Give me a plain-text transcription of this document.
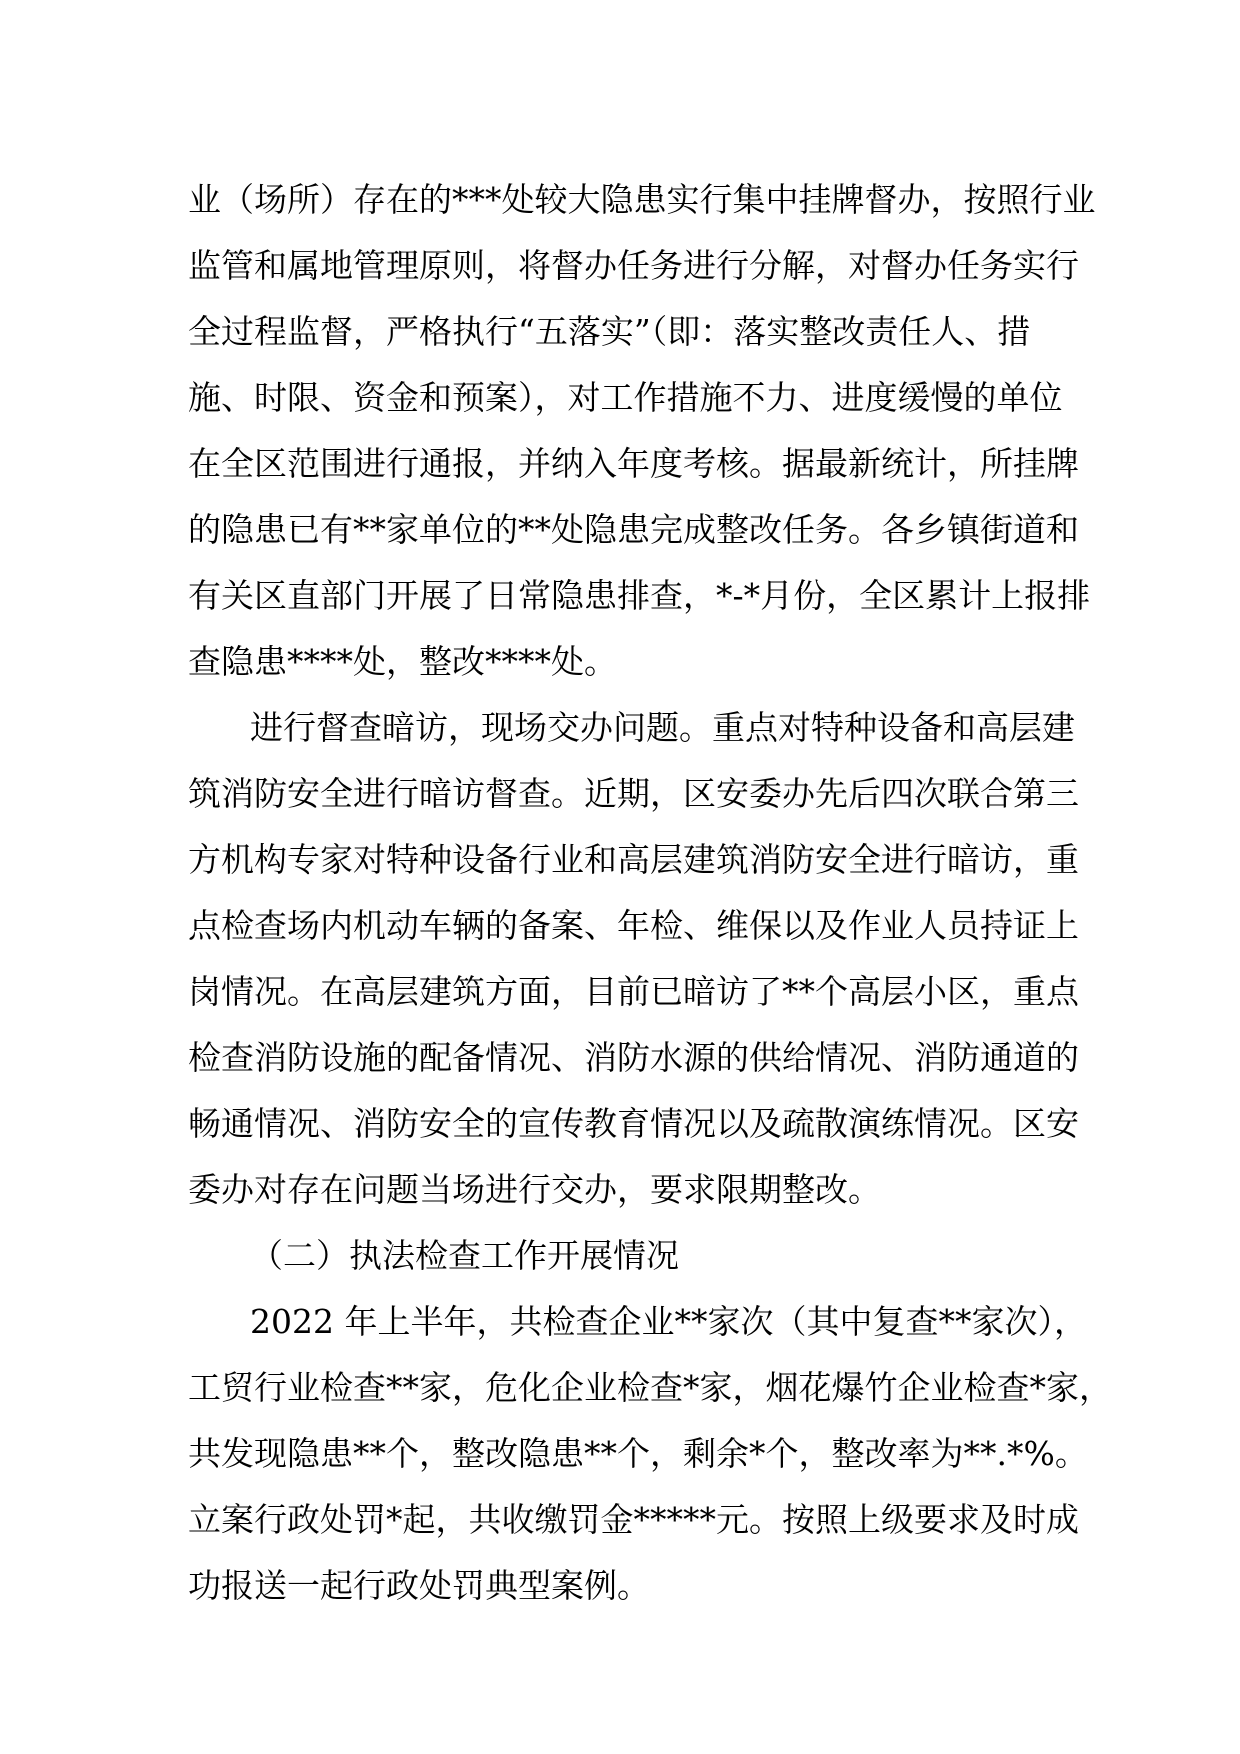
业（场所）存在的***处较大隐患实行集中挂牌督办，按照行业
监管和属地管理原则，将督办任务进行分解，对督办任务实行
全过程监督，严格执行“五落实”（即：落实整改责任人、措
施、时限、资金和预案），对工作措施不力、进度缓慢的单位
在全区范围进行通报，并纳入年度考核。据最新统计，所挂牌
的隐患已有**家单位的**处隐患完成整改任务。各乡镇街道和
有关区直部门开展了日常隐患排查，*-*月份，全区累计上报排
查隐患****处，整改****处。
进行督查暗访，现场交办问题。重点对特种设备和高层建
筑消防安全进行暗访督查。近期，区安委办先后四次联合第三
方机构专家对特种设备行业和高层建筑消防安全进行暗访，重
点检查场内机动车辆的备案、年检、维保以及作业人员持证上
岗情况。在高层建筑方面，目前已暗访了**个高层小区，重点
检查消防设施的配备情况、消防水源的供给情况、消防通道的
畅通情况、消防安全的宣传教育情况以及疏散演练情况。区安
委办对存在问题当场进行交办，要求限期整改。
（二）执法检查工作开展情况
2022 年上半年，共检查企业**家次（其中复查**家次），
工贸行业检查**家，危化企业检查*家，烟花爆竹企业检查*家，
共发现隐患**个，整改隐患**个，剩余*个，整改率为**.*%。
立案行政处罚*起，共收缴罚金*****元。按照上级要求及时成
功报送一起行政处罚典型案例。
